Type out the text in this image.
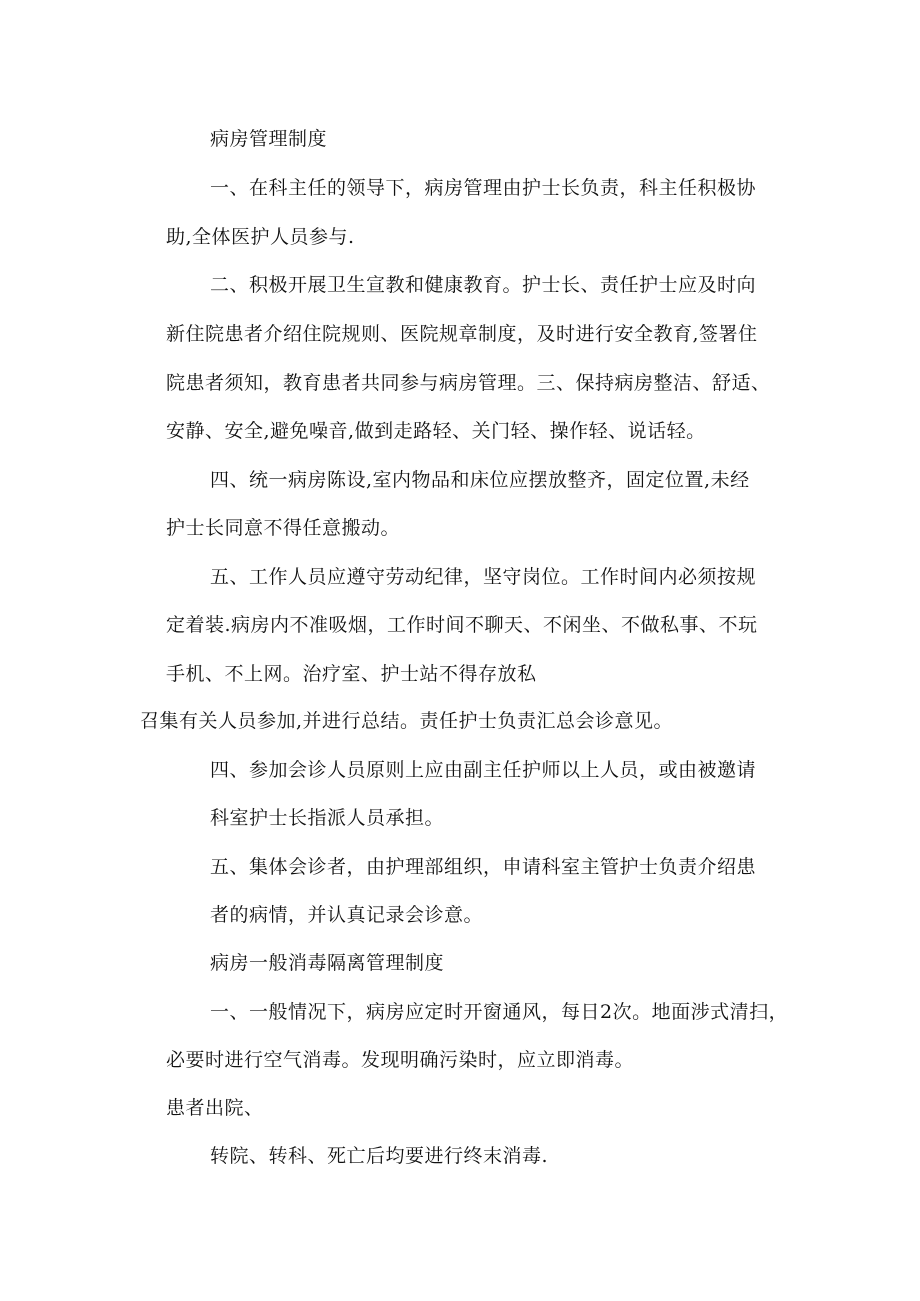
病房管理制度
一、在科主任的领导下，病房管理由护士长负责，科主任积极协
助,全体医护人员参与.
二、积极开展卫生宣教和健康教育。护士长、责任护士应及时向
新住院患者介绍住院规则、医院规章制度，及时进行安全教育,签署住
院患者须知，教育患者共同参与病房管理。三、保持病房整洁、舒适、
安静、安全,避免噪音,做到走路轻、关门轻、操作轻、说话轻。
四、统一病房陈设,室内物品和床位应摆放整齐，固定位置,未经
护士长同意不得任意搬动。
五、工作人员应遵守劳动纪律，坚守岗位。工作时间内必须按规
定着装.病房内不准吸烟，工作时间不聊天、不闲坐、不做私事、不玩
手机、不上网。治疗室、护士站不得存放私
召集有关人员参加,并进行总结。责任护士负责汇总会诊意见。
四、参加会诊人员原则上应由副主任护师以上人员，或由被邀请
科室护士长指派人员承担。
五、集体会诊者，由护理部组织，申请科室主管护士负责介绍患
者的病情，并认真记录会诊意。
病房一般消毒隔离管理制度
一、一般情况下，病房应定时开窗通风，每日2次。地面涉式清扫，
必要时进行空气消毒。发现明确污染时，应立即消毒。
患者出院、
转院、转科、死亡后均要进行终末消毒.
